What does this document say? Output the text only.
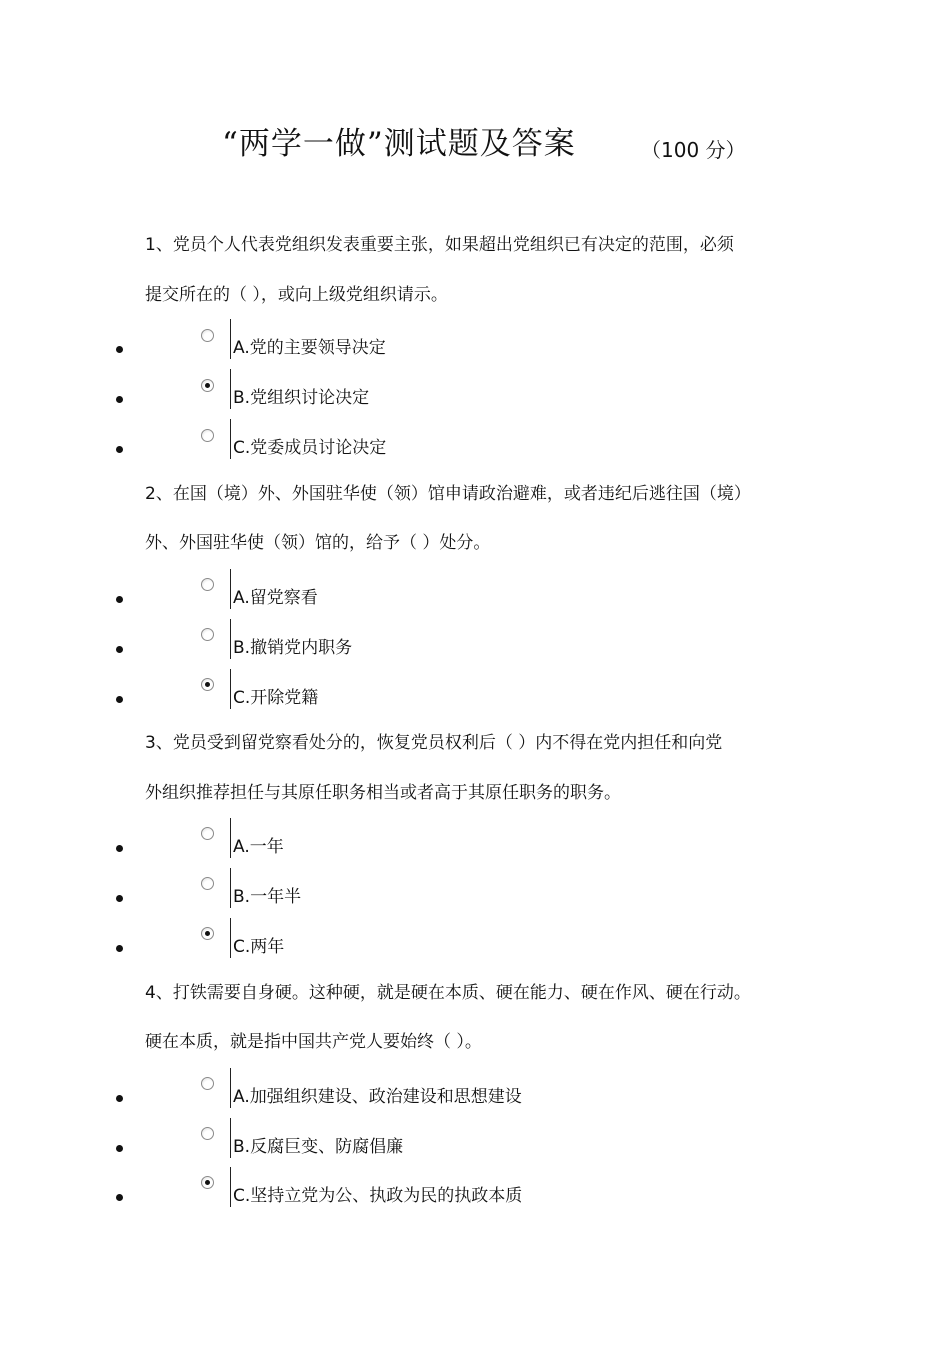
“两学一做”测试题及答案	（100 分）
1、党员个人代表党组织发表重要主张，如果超出党组织已有决定的范围，必须
提交所在的（ ），或向上级党组织请示。
A.党的主要领导决定
B.党组织讨论决定
C.党委成员讨论决定
2、在国（境）外、外国驻华使（领）馆申请政治避难，或者违纪后逃往国（境）
外、外国驻华使（领）馆的，给予（ ）处分。
A.留党察看
B.撤销党内职务
C.开除党籍
3、党员受到留党察看处分的，恢复党员权利后（ ）内不得在党内担任和向党
外组织推荐担任与其原任职务相当或者高于其原任职务的职务。
A.一年
B.一年半
C.两年
4、打铁需要自身硬。这种硬，就是硬在本质、硬在能力、硬在作风、硬在行动。
硬在本质，就是指中国共产党人要始终（ ）。
A.加强组织建设、政治建设和思想建设
B.反腐巨变、防腐倡廉
C.坚持立党为公、执政为民的执政本质
